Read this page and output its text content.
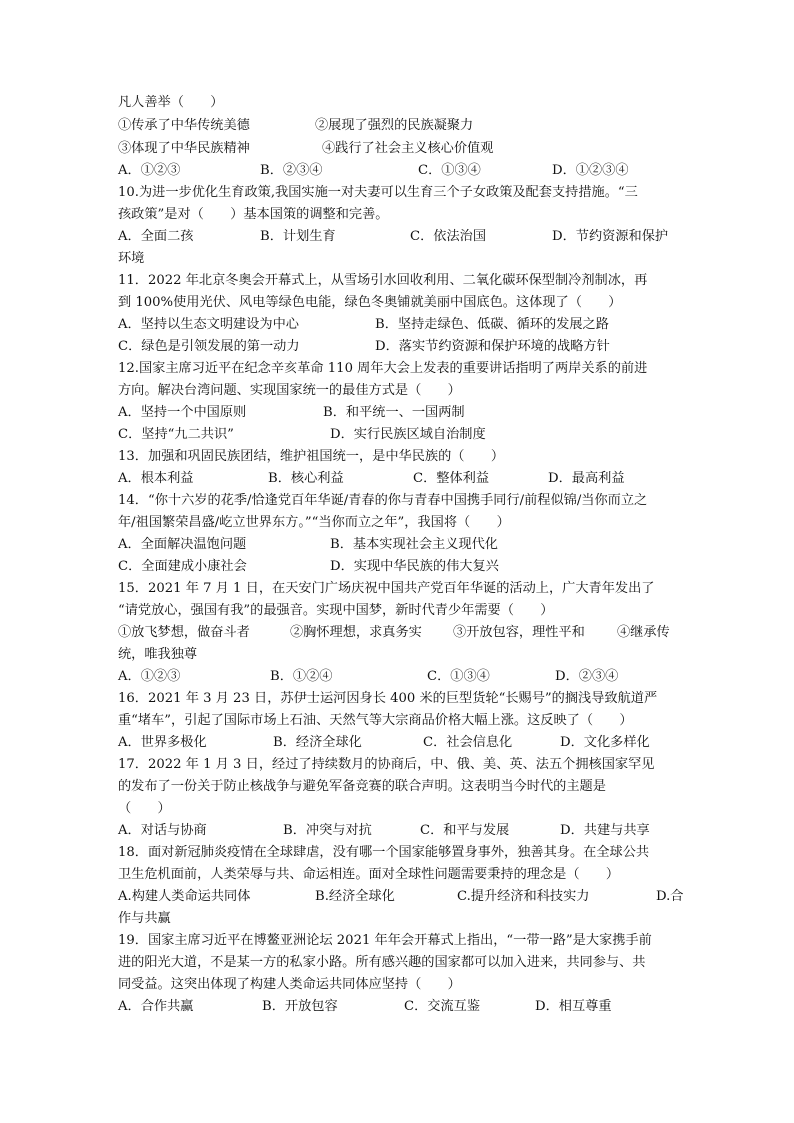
凡人善举（　　）
①传承了中华传统美德	②展现了强烈的民族凝聚力
③体现了中华民族精神	④践行了社会主义核心价值观
A．①②③	B．②③④	C．①③④	D．①②③④
10.为进一步优化生育政策,我国实施一对夫妻可以生育三个子女政策及配套支持措施。“三
孩政策”是对（　　）基本国策的调整和完善。
A．全面二孩	B．计划生育	C．依法治国	D．节约资源和保护
环境
11．2022 年北京冬奥会开幕式上，从雪场引水回收利用、二氧化碳环保型制冷剂制冰，再
到 100%使用光伏、风电等绿色电能，绿色冬奥铺就美丽中国底色。这体现了（　　）
A．坚持以生态文明建设为中心	B．坚持走绿色、低碳、循环的发展之路
C．绿色是引领发展的第一动力	D．落实节约资源和保护环境的战略方针
12.国家主席习近平在纪念辛亥革命 110 周年大会上发表的重要讲话指明了两岸关系的前进
方向。解决台湾问题、实现国家统一的最佳方式是（　　）
A．坚持一个中国原则	B．和平统一、一国两制
C．坚持“九二共识”	D．实行民族区域自治制度
13．加强和巩固民族团结，维护祖国统一，是中华民族的（　　）
A．根本利益	B．核心利益	C．整体利益	D．最高利益
14．“你十六岁的花季/恰逢党百年华诞/青春的你与青春中国携手同行/前程似锦/当你而立之
年/祖国繁荣昌盛/屹立世界东方。”“当你而立之年”，我国将（　　）
A．全面解决温饱问题	B．基本实现社会主义现代化
C．全面建成小康社会	D．实现中华民族的伟大复兴
15．2021 年 7 月 1 日，在天安门广场庆祝中国共产党百年华诞的活动上，广大青年发出了
“请党放心，强国有我”的最强音。实现中国梦，新时代青少年需要（　　）
①放飞梦想，做奋斗者	②胸怀理想，求真务实 ③开放包容，理性平和 ④继承传
统，唯我独尊
A．①②③	B．①②④	C．①③④	D．②③④
16．2021 年 3 月 23 日，苏伊士运河因身长 400 米的巨型货轮“长赐号”的搁浅导致航道严
重“堵车”，引起了国际市场上石油、天然气等大宗商品价格大幅上涨。这反映了（　　）
A．世界多极化	B．经济全球化	C．社会信息化	D．文化多样化
17．2022 年 1 月 3 日，经过了持续数月的协商后，中、俄、美、英、法五个拥核国家罕见
的发布了一份关于防止核战争与避免军备竞赛的联合声明。这表明当今时代的主题是
（　　）
A．对话与协商	B．冲突与对抗	C．和平与发展	D．共建与共享
18．面对新冠肺炎疫情在全球肆虐，没有哪一个国家能够置身事外，独善其身。在全球公共
卫生危机面前，人类荣辱与共、命运相连。面对全球性问题需要秉持的理念是（　　）
A.构建人类命运共同体	B.经济全球化	C.提升经济和科技实力	D.合
作与共赢
19．国家主席习近平在博鳌亚洲论坛 2021 年年会开幕式上指出，“一带一路”是大家携手前
进的阳光大道，不是某一方的私家小路。所有感兴趣的国家都可以加入进来，共同参与、共
同受益。这突出体现了构建人类命运共同体应坚持（　　）
A．合作共赢	B．开放包容	C．交流互鉴	D．相互尊重
